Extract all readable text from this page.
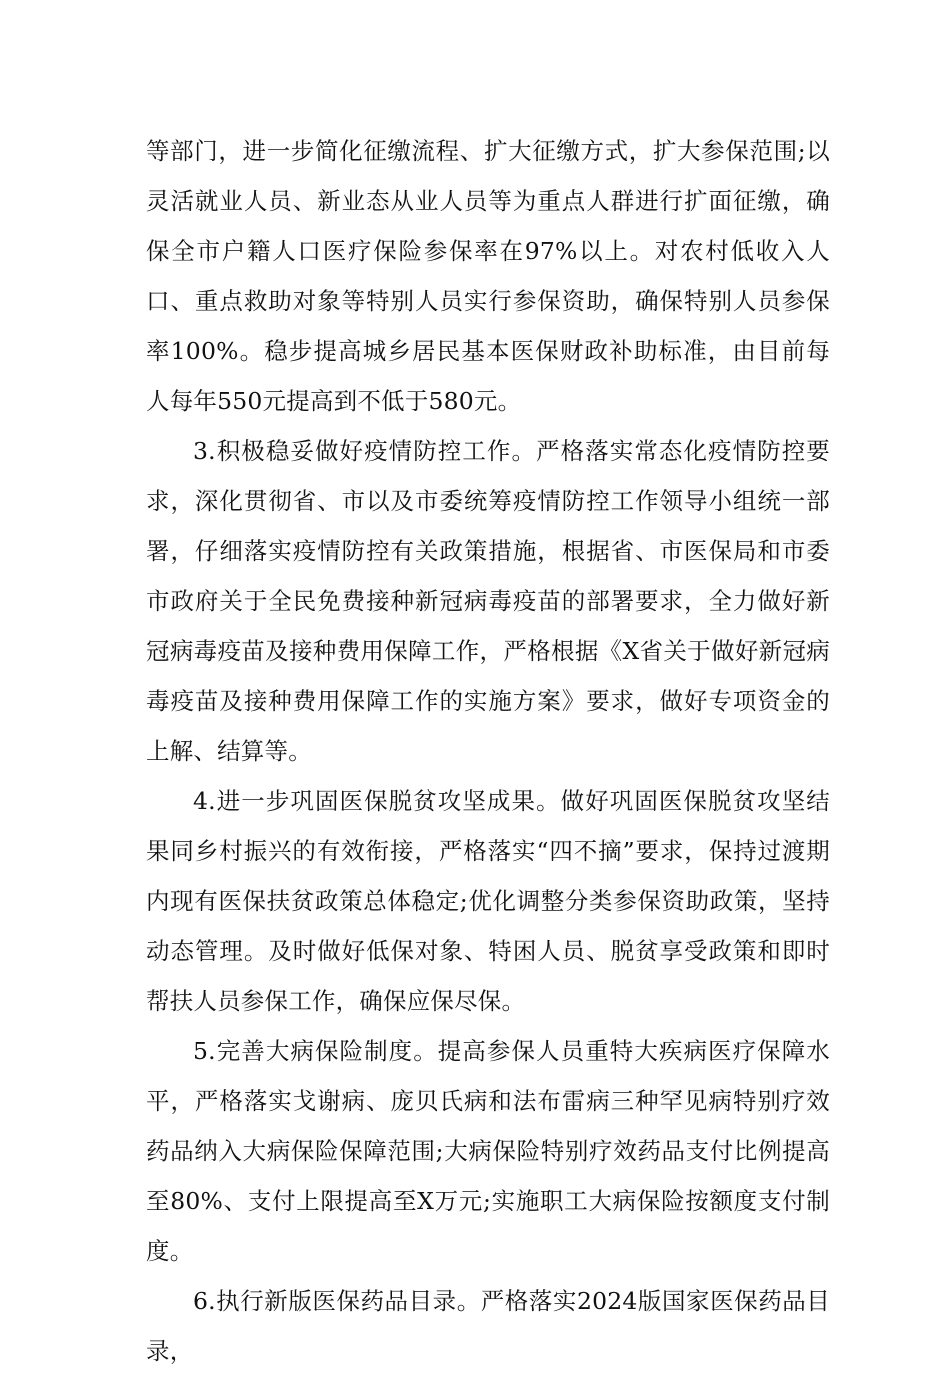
等部门，进一步简化征缴流程、扩大征缴方式，扩大参保范围;以灵活就业人员、新业态从业人员等为重点人群进行扩面征缴，确保全市户籍人口医疗保险参保率在97%以上。对农村低收入人口、重点救助对象等特别人员实行参保资助，确保特别人员参保率100%。稳步提高城乡居民基本医保财政补助标准，由目前每人每年550元提高到不低于580元。

3.积极稳妥做好疫情防控工作。严格落实常态化疫情防控要求，深化贯彻省、市以及市委统筹疫情防控工作领导小组统一部署，仔细落实疫情防控有关政策措施，根据省、市医保局和市委市政府关于全民免费接种新冠病毒疫苗的部署要求，全力做好新冠病毒疫苗及接种费用保障工作，严格根据《X省关于做好新冠病毒疫苗及接种费用保障工作的实施方案》要求，做好专项资金的上解、结算等。

4.进一步巩固医保脱贫攻坚成果。做好巩固医保脱贫攻坚结果同乡村振兴的有效衔接，严格落实“四不摘”要求，保持过渡期内现有医保扶贫政策总体稳定;优化调整分类参保资助政策，坚持动态管理。及时做好低保对象、特困人员、脱贫享受政策和即时帮扶人员参保工作，确保应保尽保。

5.完善大病保险制度。提高参保人员重特大疾病医疗保障水平，严格落实戈谢病、庞贝氏病和法布雷病三种罕见病特别疗效药品纳入大病保险保障范围;大病保险特别疗效药品支付比例提高至80%、支付上限提高至X万元;实施职工大病保险按额度支付制度。

6.执行新版医保药品目录。严格落实2024版国家医保药品目录，
